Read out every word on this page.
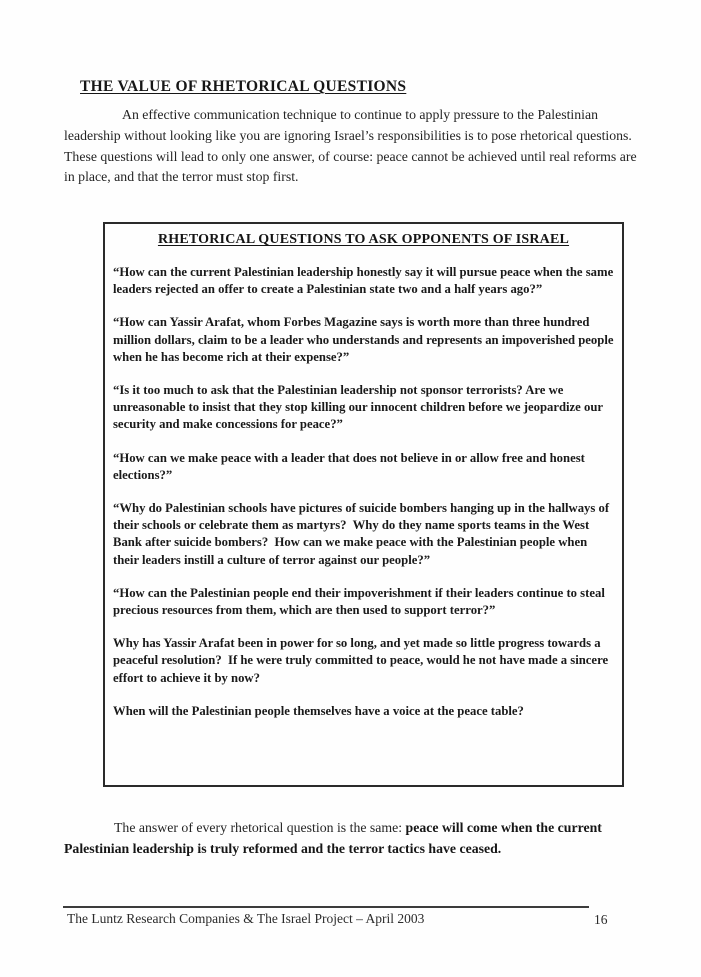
THE VALUE OF RHETORICAL QUESTIONS

An effective communication technique to continue to apply pressure to the Palestinian leadership without looking like you are ignoring Israel’s responsibilities is to pose rhetorical questions.  These questions will lead to only one answer, of course: peace cannot be achieved until real reforms are in place, and that the terror must stop first.

RHETORICAL QUESTIONS TO ASK OPPONENTS OF ISRAEL

“How can the current Palestinian leadership honestly say it will pursue peace when the same leaders rejected an offer to create a Palestinian state two and a half years ago?”

“How can Yassir Arafat, whom Forbes Magazine says is worth more than three hundred million dollars, claim to be a leader who understands and represents an impoverished people when he has become rich at their expense?”

“Is it too much to ask that the Palestinian leadership not sponsor terrorists? Are we unreasonable to insist that they stop killing our innocent children before we jeopardize our security and make concessions for peace?”

“How can we make peace with a leader that does not believe in or allow free and honest elections?”

“Why do Palestinian schools have pictures of suicide bombers hanging up in the hallways of their schools or celebrate them as martyrs?  Why do they name sports teams in the West Bank after suicide bombers?  How can we make peace with the Palestinian people when their leaders instill a culture of terror against our people?”

“How can the Palestinian people end their impoverishment if their leaders continue to steal precious resources from them, which are then used to support terror?”

Why has Yassir Arafat been in power for so long, and yet made so little progress towards a peaceful resolution?  If he were truly committed to peace, would he not have made a sincere effort to achieve it by now?

When will the Palestinian people themselves have a voice at the peace table?

The answer of every rhetorical question is the same: peace will come when the current Palestinian leadership is truly reformed and the terror tactics have ceased.

The Luntz Research Companies & The Israel Project – April 2003	16
